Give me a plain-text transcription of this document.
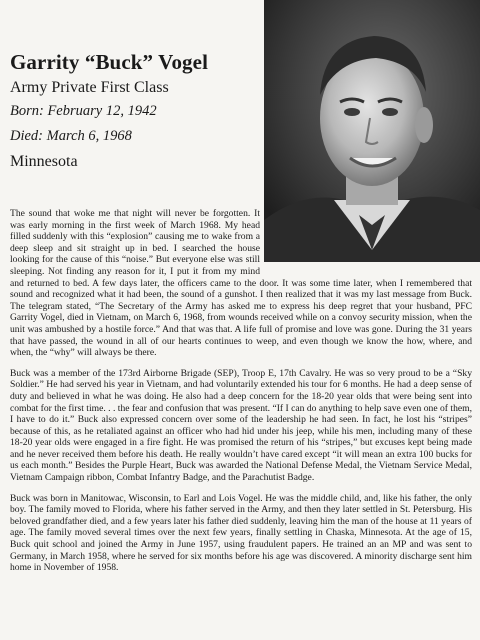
Garrity “Buck” Vogel
Army Private First Class
Born: February 12, 1942
Died: March 6, 1968
Minnesota

The sound that woke me that night will never be forgotten. It was early morning in the first week of March 1968. My head filled suddenly with this “explosion” causing me to wake from a deep sleep and sit straight up in bed. I searched the house looking for the cause of this “noise.” But everyone else was still sleeping. Not finding any reason for it, I put it from my mind and returned to bed. A few days later, the officers came to the door. It was some time later, when I remembered that sound and recognized what it had been, the sound of a gunshot. I then realized that it was my last message from Buck. The telegram stated, “The Secretary of the Army has asked me to express his deep regret that your husband, PFC Garrity Vogel, died in Vietnam, on March 6, 1968, from wounds received while on a convoy security mission, when the unit was ambushed by a hostile force.” And that was that. A life full of promise and love was gone. During the 31 years that have passed, the wound in all of our hearts continues to weep, and even though we know the how, where, and when, the “why” will always be there.

Buck was a member of the 173rd Airborne Brigade (SEP), Troop E, 17th Cavalry. He was so very proud to be a “Sky Soldier.” He had served his year in Vietnam, and had voluntarily extended his tour for 6 months. He had a deep sense of duty and believed in what he was doing. He also had a deep concern for the 18-20 year olds that were being sent into combat for the first time. . . the fear and confusion that was present. “If I can do anything to help save even one of them, I have to do it.” Buck also expressed concern over some of the leadership he had seen. In fact, he lost his “stripes” because of this, as he retaliated against an officer who had hid under his jeep, while his men, including many of these 18-20 year olds were engaged in a fire fight. He was promised the return of his “stripes,” but excuses kept being made and he never received them before his death. He really wouldn’t have cared except “it will mean an extra 100 bucks for us each month.” Besides the Purple Heart, Buck was awarded the National Defense Medal, the Vietnam Service Medal, Vietnam Campaign ribbon, Combat Infantry Badge, and the Parachutist Badge.

Buck was born in Manitowac, Wisconsin, to Earl and Lois Vogel. He was the middle child, and, like his father, the only boy. The family moved to Florida, where his father served in the Army, and then they later settled in St. Petersburg. His beloved grandfather died, and a few years later his father died suddenly, leaving him the man of the house at 11 years of age. The family moved several times over the next few years, finally settling in Chaska, Minnesota. At the age of 15, Buck quit school and joined the Army in June 1957, using fraudulent papers. He trained an an MP and was sent to Germany, in March 1958, where he served for six months before his age was discovered. A minority discharge sent him home in November of 1958.
